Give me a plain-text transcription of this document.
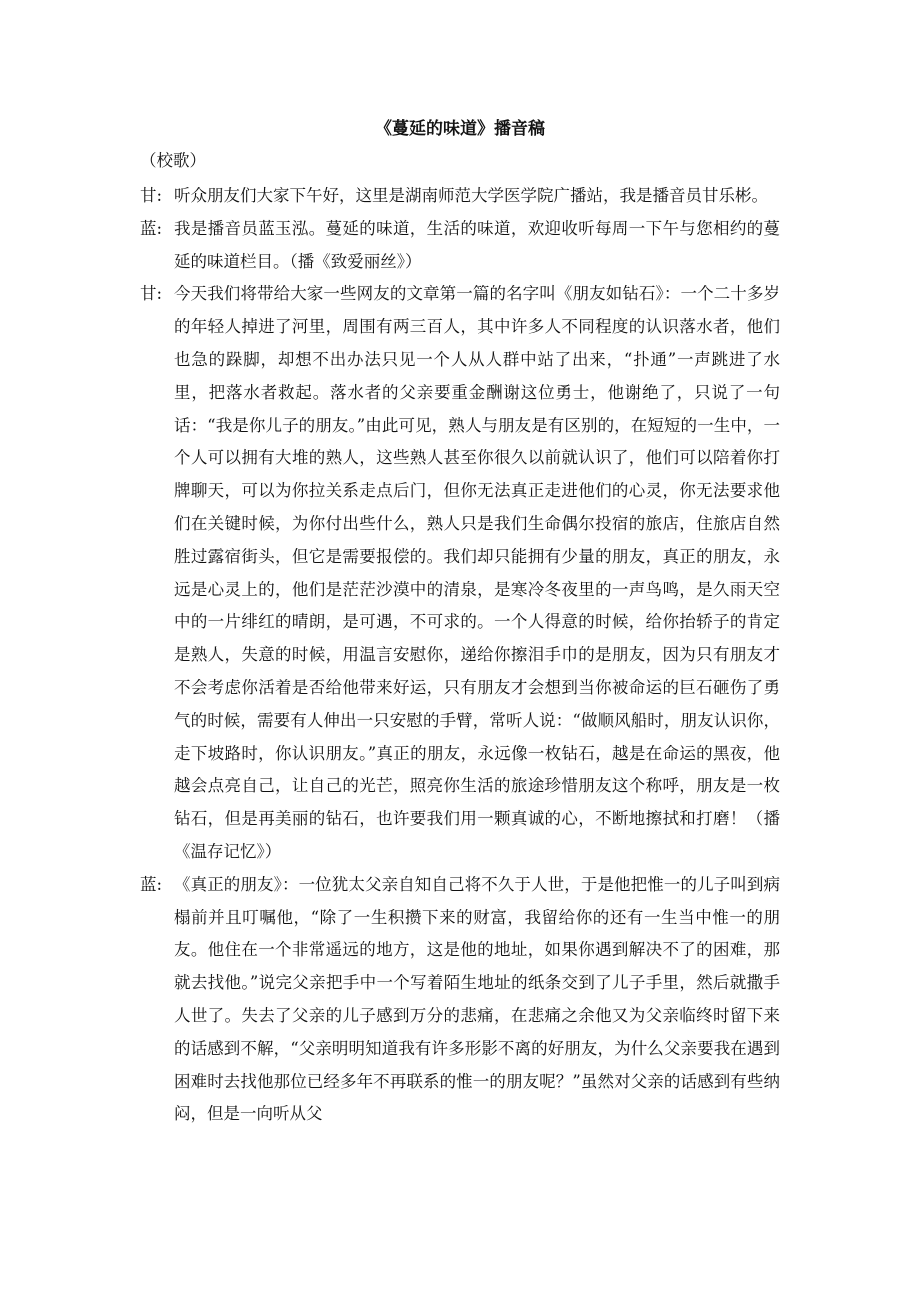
《蔓延的味道》播音稿
（校歌）
甘: 听众朋友们大家下午好，这里是湖南师范大学医学院广播站，我是播音员甘乐彬。
蓝: 我是播音员蓝玉泓。蔓延的味道，生活的味道，欢迎收听每周一下午与您相约的蔓延的味道栏目。（播《致爱丽丝》）
甘: 今天我们将带给大家一些网友的文章第一篇的名字叫《朋友如钻石》：一个二十多岁的年轻人掉进了河里，周围有两三百人，其中许多人不同程度的认识落水者，他们也急的跺脚，却想不出办法只见一个人从人群中站了出来，“扑通”一声跳进了水里，把落水者救起。落水者的父亲要重金酬谢这位勇士，他谢绝了，只说了一句话：“我是你儿子的朋友。”由此可见，熟人与朋友是有区别的，在短短的一生中，一个人可以拥有大堆的熟人，这些熟人甚至你很久以前就认识了，他们可以陪着你打牌聊天，可以为你拉关系走点后门，但你无法真正走进他们的心灵，你无法要求他们在关键时候，为你付出些什么，熟人只是我们生命偶尔投宿的旅店，住旅店自然胜过露宿街头，但它是需要报偿的。我们却只能拥有少量的朋友，真正的朋友，永远是心灵上的，他们是茫茫沙漠中的清泉，是寒冷冬夜里的一声鸟鸣，是久雨天空中的一片绯红的晴朗，是可遇，不可求的。一个人得意的时候，给你抬轿子的肯定是熟人，失意的时候，用温言安慰你，递给你擦泪手巾的是朋友，因为只有朋友才不会考虑你活着是否给他带来好运，只有朋友才会想到当你被命运的巨石砸伤了勇气的时候，需要有人伸出一只安慰的手臂，常听人说：“做顺风船时，朋友认识你，走下坡路时，你认识朋友。”真正的朋友，永远像一枚钻石，越是在命运的黑夜，他越会点亮自己，让自己的光芒，照亮你生活的旅途珍惜朋友这个称呼，朋友是一枚钻石，但是再美丽的钻石，也许要我们用一颗真诚的心，不断地擦拭和打磨！（播《温存记忆》）
蓝: 《真正的朋友》：一位犹太父亲自知自己将不久于人世，于是他把惟一的儿子叫到病榻前并且叮嘱他，“除了一生积攒下来的财富，我留给你的还有一生当中惟一的朋友。他住在一个非常遥远的地方，这是他的地址，如果你遇到解决不了的困难，那就去找他。”说完父亲把手中一个写着陌生地址的纸条交到了儿子手里，然后就撒手人世了。失去了父亲的儿子感到万分的悲痛，在悲痛之余他又为父亲临终时留下来的话感到不解，“父亲明明知道我有许多形影不离的好朋友，为什么父亲要我在遇到困难时去找他那位已经多年不再联系的惟一的朋友呢？”虽然对父亲的话感到有些纳闷，但是一向听从父
